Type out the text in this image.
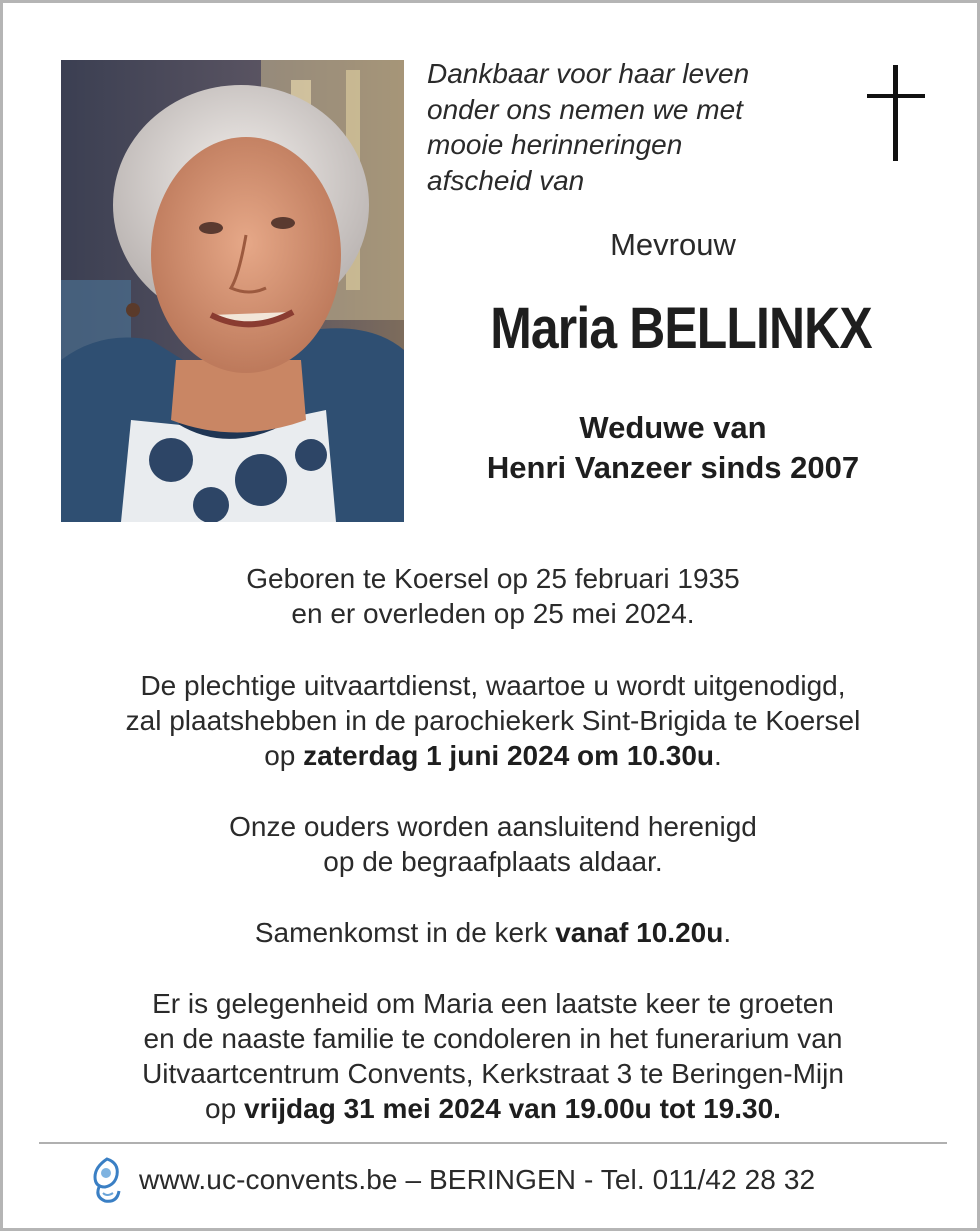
Dankbaar voor haar leven
onder ons nemen we met
mooie herinneringen
afscheid van
Mevrouw
Maria BELLINKX
Weduwe van
Henri Vanzeer sinds 2007
Geboren te Koersel op 25 februari 1935
en er overleden op 25 mei 2024.
De plechtige uitvaartdienst, waartoe u wordt uitgenodigd,
zal plaatshebben in de parochiekerk Sint-Brigida te Koersel
op zaterdag 1 juni 2024 om 10.30u.
Onze ouders worden aansluitend herenigd
op de begraafplaats aldaar.
Samenkomst in de kerk vanaf 10.20u.
Er is gelegenheid om Maria een laatste keer te groeten
en de naaste familie te condoleren in het funerarium van
Uitvaartcentrum Convents, Kerkstraat 3 te Beringen-Mijn
op vrijdag 31 mei 2024 van 19.00u tot 19.30.
www.uc-convents.be – BERINGEN - Tel. 011/42 28 32
